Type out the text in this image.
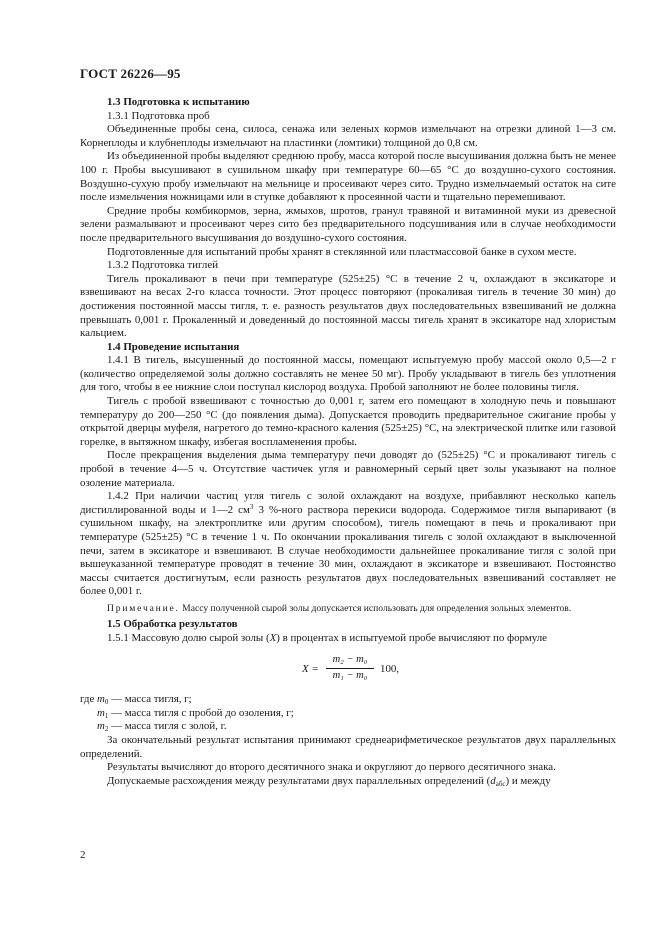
ГОСТ 26226—95

1.3 Подготовка к испытанию

1.3.1 Подготовка проб

Объединенные пробы сена, силоса, сенажа или зеленых кормов измельчают на отрезки длиной 1—3 см. Корнеплоды и клубнеплоды измельчают на пластинки (ломтики) толщиной до 0,8 см.

Из объединенной пробы выделяют среднюю пробу, масса которой после высушивания должна быть не менее 100 г. Пробы высушивают в сушильном шкафу при температуре 60—65 °С до воздушно-сухого состояния. Воздушно-сухую пробу измельчают на мельнице и просеивают через сито. Трудно измельчаемый остаток на сите после измельчения ножницами или в ступке добавляют к просеянной части и тщательно перемешивают.

Средние пробы комбикормов, зерна, жмыхов, шротов, гранул травяной и витаминной муки из древесной зелени размалывают и просеивают через сито без предварительного подсушивания или в случае необходимости после предварительного высушивания до воздушно-сухого состояния.

Подготовленные для испытаний пробы хранят в стеклянной или пластмассовой банке в сухом месте.

1.3.2 Подготовка тиглей

Тигель прокаливают в печи при температуре (525±25) °С в течение 2 ч, охлаждают в эксикаторе и взвешивают на весах 2-го класса точности. Этот процесс повторяют (прокаливая тигель в течение 30 мин) до достижения постоянной массы тигля, т. е. разность результатов двух последовательных взвешиваний не должна превышать 0,001 г. Прокаленный и доведенный до постоянной массы тигель хранят в эксикаторе над хлористым кальцием.

1.4 Проведение испытания

1.4.1 В тигель, высушенный до постоянной массы, помещают испытуемую пробу массой около 0,5—2 г (количество определяемой золы должно составлять не менее 50 мг). Пробу укладывают в тигель без уплотнения для того, чтобы в ее нижние слои поступал кислород воздуха. Пробой заполняют не более половины тигля.

Тигель с пробой взвешивают с точностью до 0,001 г, затем его помещают в холодную печь и повышают температуру до 200—250 °С (до появления дыма). Допускается проводить предварительное сжигание пробы у открытой дверцы муфеля, нагретого до темно-красного каления (525±25) °С, на электрической плитке или газовой горелке, в вытяжном шкафу, избегая воспламенения пробы.

После прекращения выделения дыма температуру печи доводят до (525±25) °С и прокаливают тигель с пробой в течение 4—5 ч. Отсутствие частичек угля и равномерный серый цвет золы указывают на полное озоление материала.

1.4.2 При наличии частиц угля тигель с золой охлаждают на воздухе, прибавляют несколько капель дистиллированной воды и 1—2 $см^3$ 3 %-ного раствора перекиси водорода. Содержимое тигля выпаривают (в сушильном шкафу, на электроплитке или другим способом), тигель помещают в печь и прокаливают при температуре (525±25) °С в течение 1 ч. По окончании прокаливания тигель с золой охлаждают в выключенной печи, затем в эксикаторе и взвешивают. В случае необходимости дальнейшее прокаливание тигля с золой при вышеуказанной температуре проводят в течение 30 мин, охлаждают в эксикаторе и взвешивают. Постоянство массы считается достигнутым, если разность результатов двух последовательных взвешиваний составляет не более 0,001 г.

Примечание. Массу полученной сырой золы допускается использовать для определения зольных элементов.

1.5 Обработка результатов

1.5.1 Массовую долю сырой золы (X) в процентах в испытуемой пробе вычисляют по формуле

$X = \frac{\text{m₂ − m₀}}{\text{m₁ − m₀}} 100$,

где $m_0$ — масса тигля, г;

$m_1$ — масса тигля с пробой до озоления, г;

$m_2$ — масса тигля с золой, г.

За окончательный результат испытания принимают среднеарифметическое результатов двух параллельных определений.

Результаты вычисляют до второго десятичного знака и округляют до первого десятичного знака.

Допускаемые расхождения между результатами двух параллельных определений $(d_{абс})$ и между

2
